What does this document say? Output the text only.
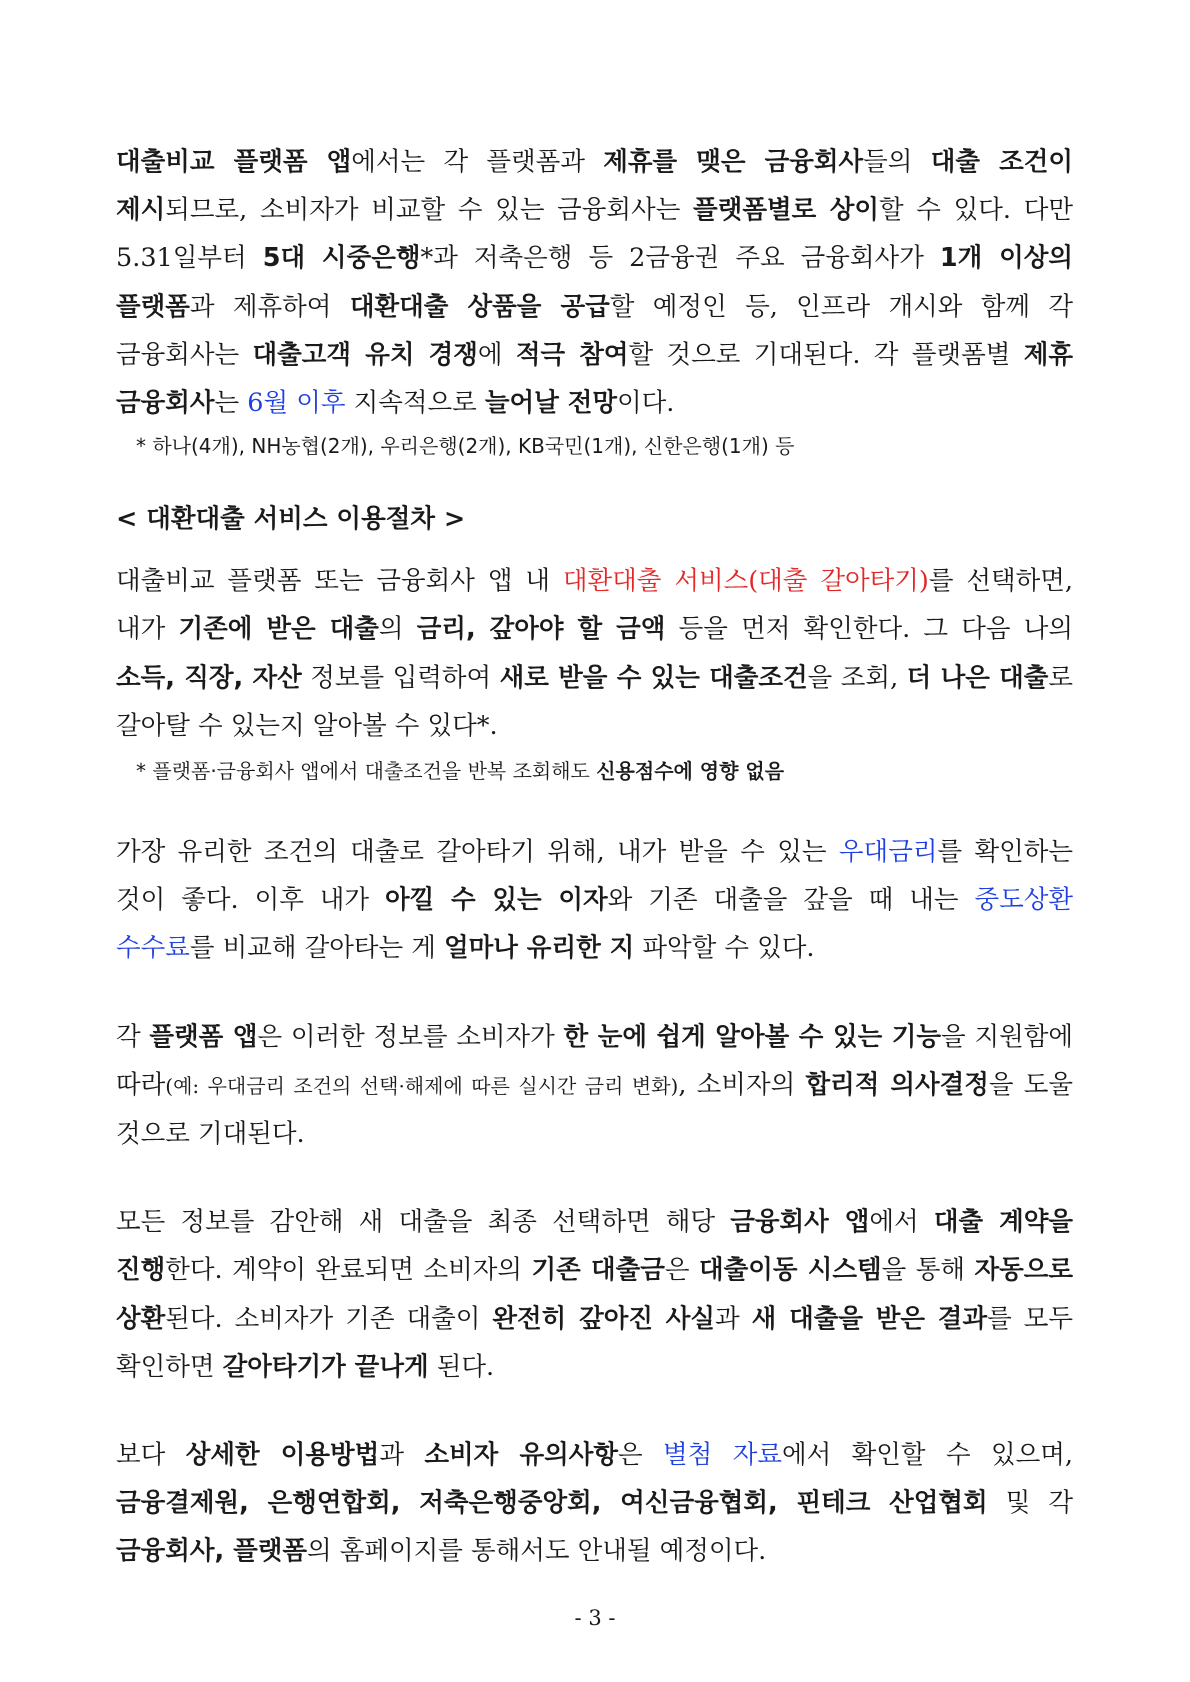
대출비교 플랫폼 앱에서는 각 플랫폼과 제휴를 맺은 금융회사들의 대출 조건이 제시되므로, 소비자가 비교할 수 있는 금융회사는 플랫폼별로 상이할 수 있다. 다만 5.31일부터 5대 시중은행*과 저축은행 등 2금융권 주요 금융회사가 1개 이상의 플랫폼과 제휴하여 대환대출 상품을 공급할 예정인 등, 인프라 개시와 함께 각 금융회사는 대출고객 유치 경쟁에 적극 참여할 것으로 기대된다. 각 플랫폼별 제휴 금융회사는 6월 이후 지속적으로 늘어날 전망이다.

* 하나(4개), NH농협(2개), 우리은행(2개), KB국민(1개), 신한은행(1개) 등

< 대환대출 서비스 이용절차 >

대출비교 플랫폼 또는 금융회사 앱 내 대환대출 서비스(대출 갈아타기)를 선택하면, 내가 기존에 받은 대출의 금리, 갚아야 할 금액 등을 먼저 확인한다. 그 다음 나의 소득, 직장, 자산 정보를 입력하여 새로 받을 수 있는 대출조건을 조회, 더 나은 대출로 갈아탈 수 있는지 알아볼 수 있다*.

* 플랫폼·금융회사 앱에서 대출조건을 반복 조회해도 신용점수에 영향 없음

가장 유리한 조건의 대출로 갈아타기 위해, 내가 받을 수 있는 우대금리를 확인하는 것이 좋다. 이후 내가 아낄 수 있는 이자와 기존 대출을 갚을 때 내는 중도상환 수수료를 비교해 갈아타는 게 얼마나 유리한 지 파악할 수 있다.

각 플랫폼 앱은 이러한 정보를 소비자가 한 눈에 쉽게 알아볼 수 있는 기능을 지원함에 따라(예: 우대금리 조건의 선택·해제에 따른 실시간 금리 변화), 소비자의 합리적 의사결정을 도울 것으로 기대된다.

모든 정보를 감안해 새 대출을 최종 선택하면 해당 금융회사 앱에서 대출 계약을 진행한다. 계약이 완료되면 소비자의 기존 대출금은 대출이동 시스템을 통해 자동으로 상환된다. 소비자가 기존 대출이 완전히 갚아진 사실과 새 대출을 받은 결과를 모두 확인하면 갈아타기가 끝나게 된다.

보다 상세한 이용방법과 소비자 유의사항은 별첨 자료에서 확인할 수 있으며, 금융결제원, 은행연합회, 저축은행중앙회, 여신금융협회, 핀테크 산업협회 및 각 금융회사, 플랫폼의 홈페이지를 통해서도 안내될 예정이다.

- 3 -
